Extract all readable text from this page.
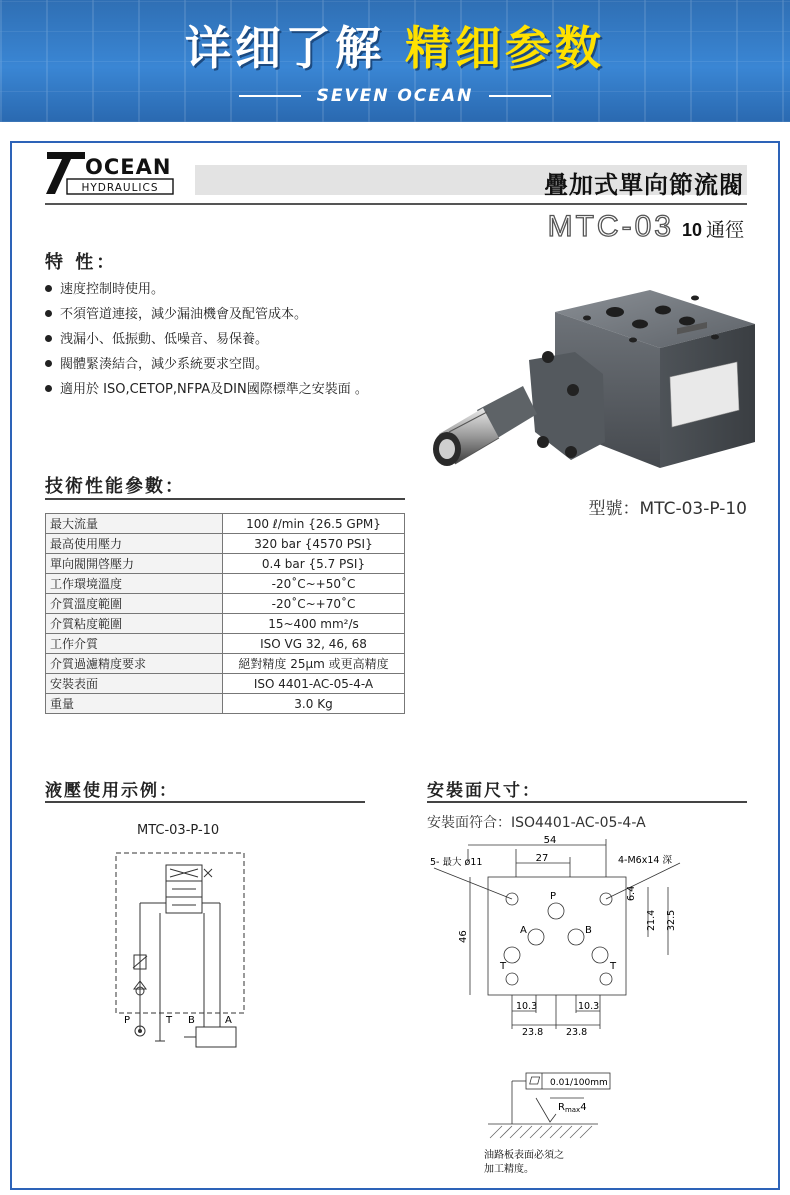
详细了解 精细参数
SEVEN OCEAN
OCEAN
HYDRAULICS	疊加式單向節流閥
MTC-03 10 通徑
特 性：
速度控制時使用。
不須管道連接，減少漏油機會及配管成本。
洩漏小、低振動、低噪音、易保養。
閥體緊湊結合，減少系統要求空間。
適用於 ISO,CETOP,NFPA及DIN國際標準之安裝面 。
技術性能參數：
型號：MTC-03-P-10
最大流量	100 ℓ/min {26.5 GPM}
最高使用壓力	320 bar {4570 PSI}
單向閥開啓壓力	0.4 bar {5.7 PSI}
工作環境溫度	-20˚C~+50˚C
介質溫度範圍	-20˚C~+70˚C
介質粘度範圍	15~400 mm²/s
工作介質	ISO VG 32, 46, 68
介質過濾精度要求	絕對精度 25µm 或更高精度
安裝表面	ISO 4401-AC-05-4-A
重量	3.0 Kg
液壓使用示例：
MTC-03-P-10
P	T B	A
安裝面尺寸：
安裝面符合：ISO4401-AC-05-4-A
54
27
5- 最大 ø11	4-M6x14 深
6.4
21.4 32.5
46
10.3	10.3
23.8 23.8
P
A	B
T	T
0.01/100mm
$R_{max}4$
油路板表面必須之
加工精度。
